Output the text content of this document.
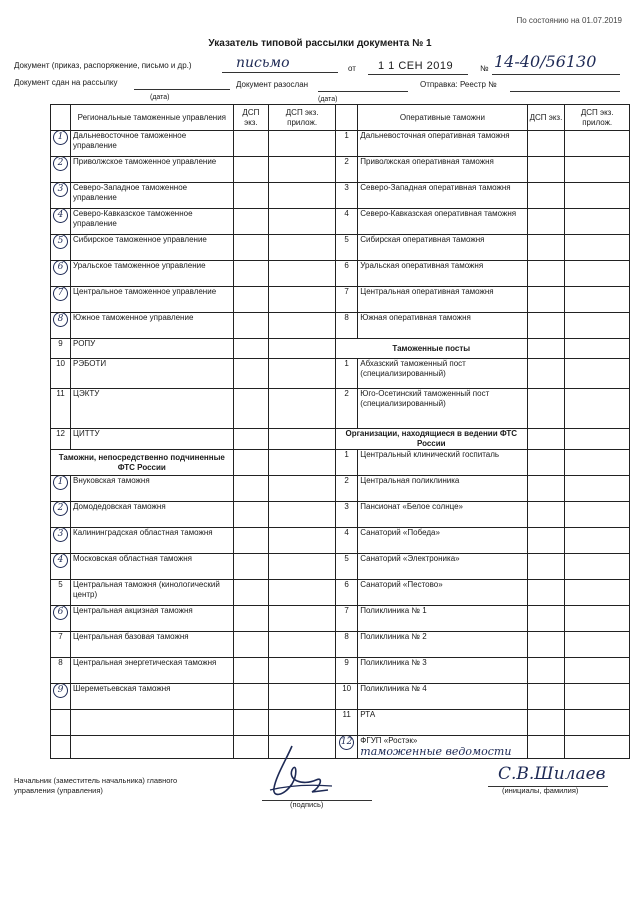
По состоянию на 01.07.2019
Указатель типовой рассылки документа № 1
Документ (приказ, распоряжение, письмо и др.)	письмо	от 1 1 СЕН 2019	№ 14-40/56130
Документ сдан на рассылку	Документ разослан	Отправка: Реестр №
(дата)	(дата)
	Региональные таможенные управления	ДСП экз.	ДСП экз. прилож.		Оперативные таможни	ДСП экз.	ДСП экз. прилож.
1	Дальневосточное таможенное управление			1	Дальневосточная оперативная таможня		
2	Приволжское таможенное управление			2	Приволжская оперативная таможня		
3	Северо-Западное таможенное управление			3	Северо-Западная оперативная таможня		
4	Северо-Кавказское таможенное управление			4	Северо-Кавказская оперативная таможня		
5	Сибирское таможенное управление			5	Сибирская оперативная таможня		
6	Уральское таможенное управление			6	Уральская оперативная таможня		
7	Центральное таможенное управление			7	Центральная оперативная таможня		
8	Южное таможенное управление			8	Южная оперативная таможня		
9	РОПУ			Таможенные посты			
10	РЭБОТИ			1	Абхазский таможенный пост (специализированный)		
11	ЦЭКТУ			2	Юго-Осетинский таможенный пост (специализированный)		
12	ЦИТТУ			Организации, находящиеся в ведении ФТС России			
Таможни, непосредственно подчиненные ФТС России				1	Центральный клинический госпиталь		
1	Внуковская таможня			2	Центральная поликлиника		
2	Домодедовская таможня			3	Пансионат «Белое солнце»		
3	Калининградская областная таможня			4	Санаторий «Победа»		
4	Московская областная таможня			5	Санаторий «Электроника»		
5	Центральная таможня (кинологический центр)			6	Санаторий «Пестово»		
6	Центральная акцизная таможня			7	Поликлиника № 1		
7	Центральная базовая таможня			8	Поликлиника № 2		
8	Центральная энергетическая таможня			9	Поликлиника № 3		
9	Шереметьевская таможня			10	Поликлиника № 4		
				11	РТА		
				12	ФГУП «Ростэк»
таможенные ведомости		

Начальник (заместитель начальника) главного управления (управления)
(подпись)
С.В.Шилаев
(инициалы, фамилия)
